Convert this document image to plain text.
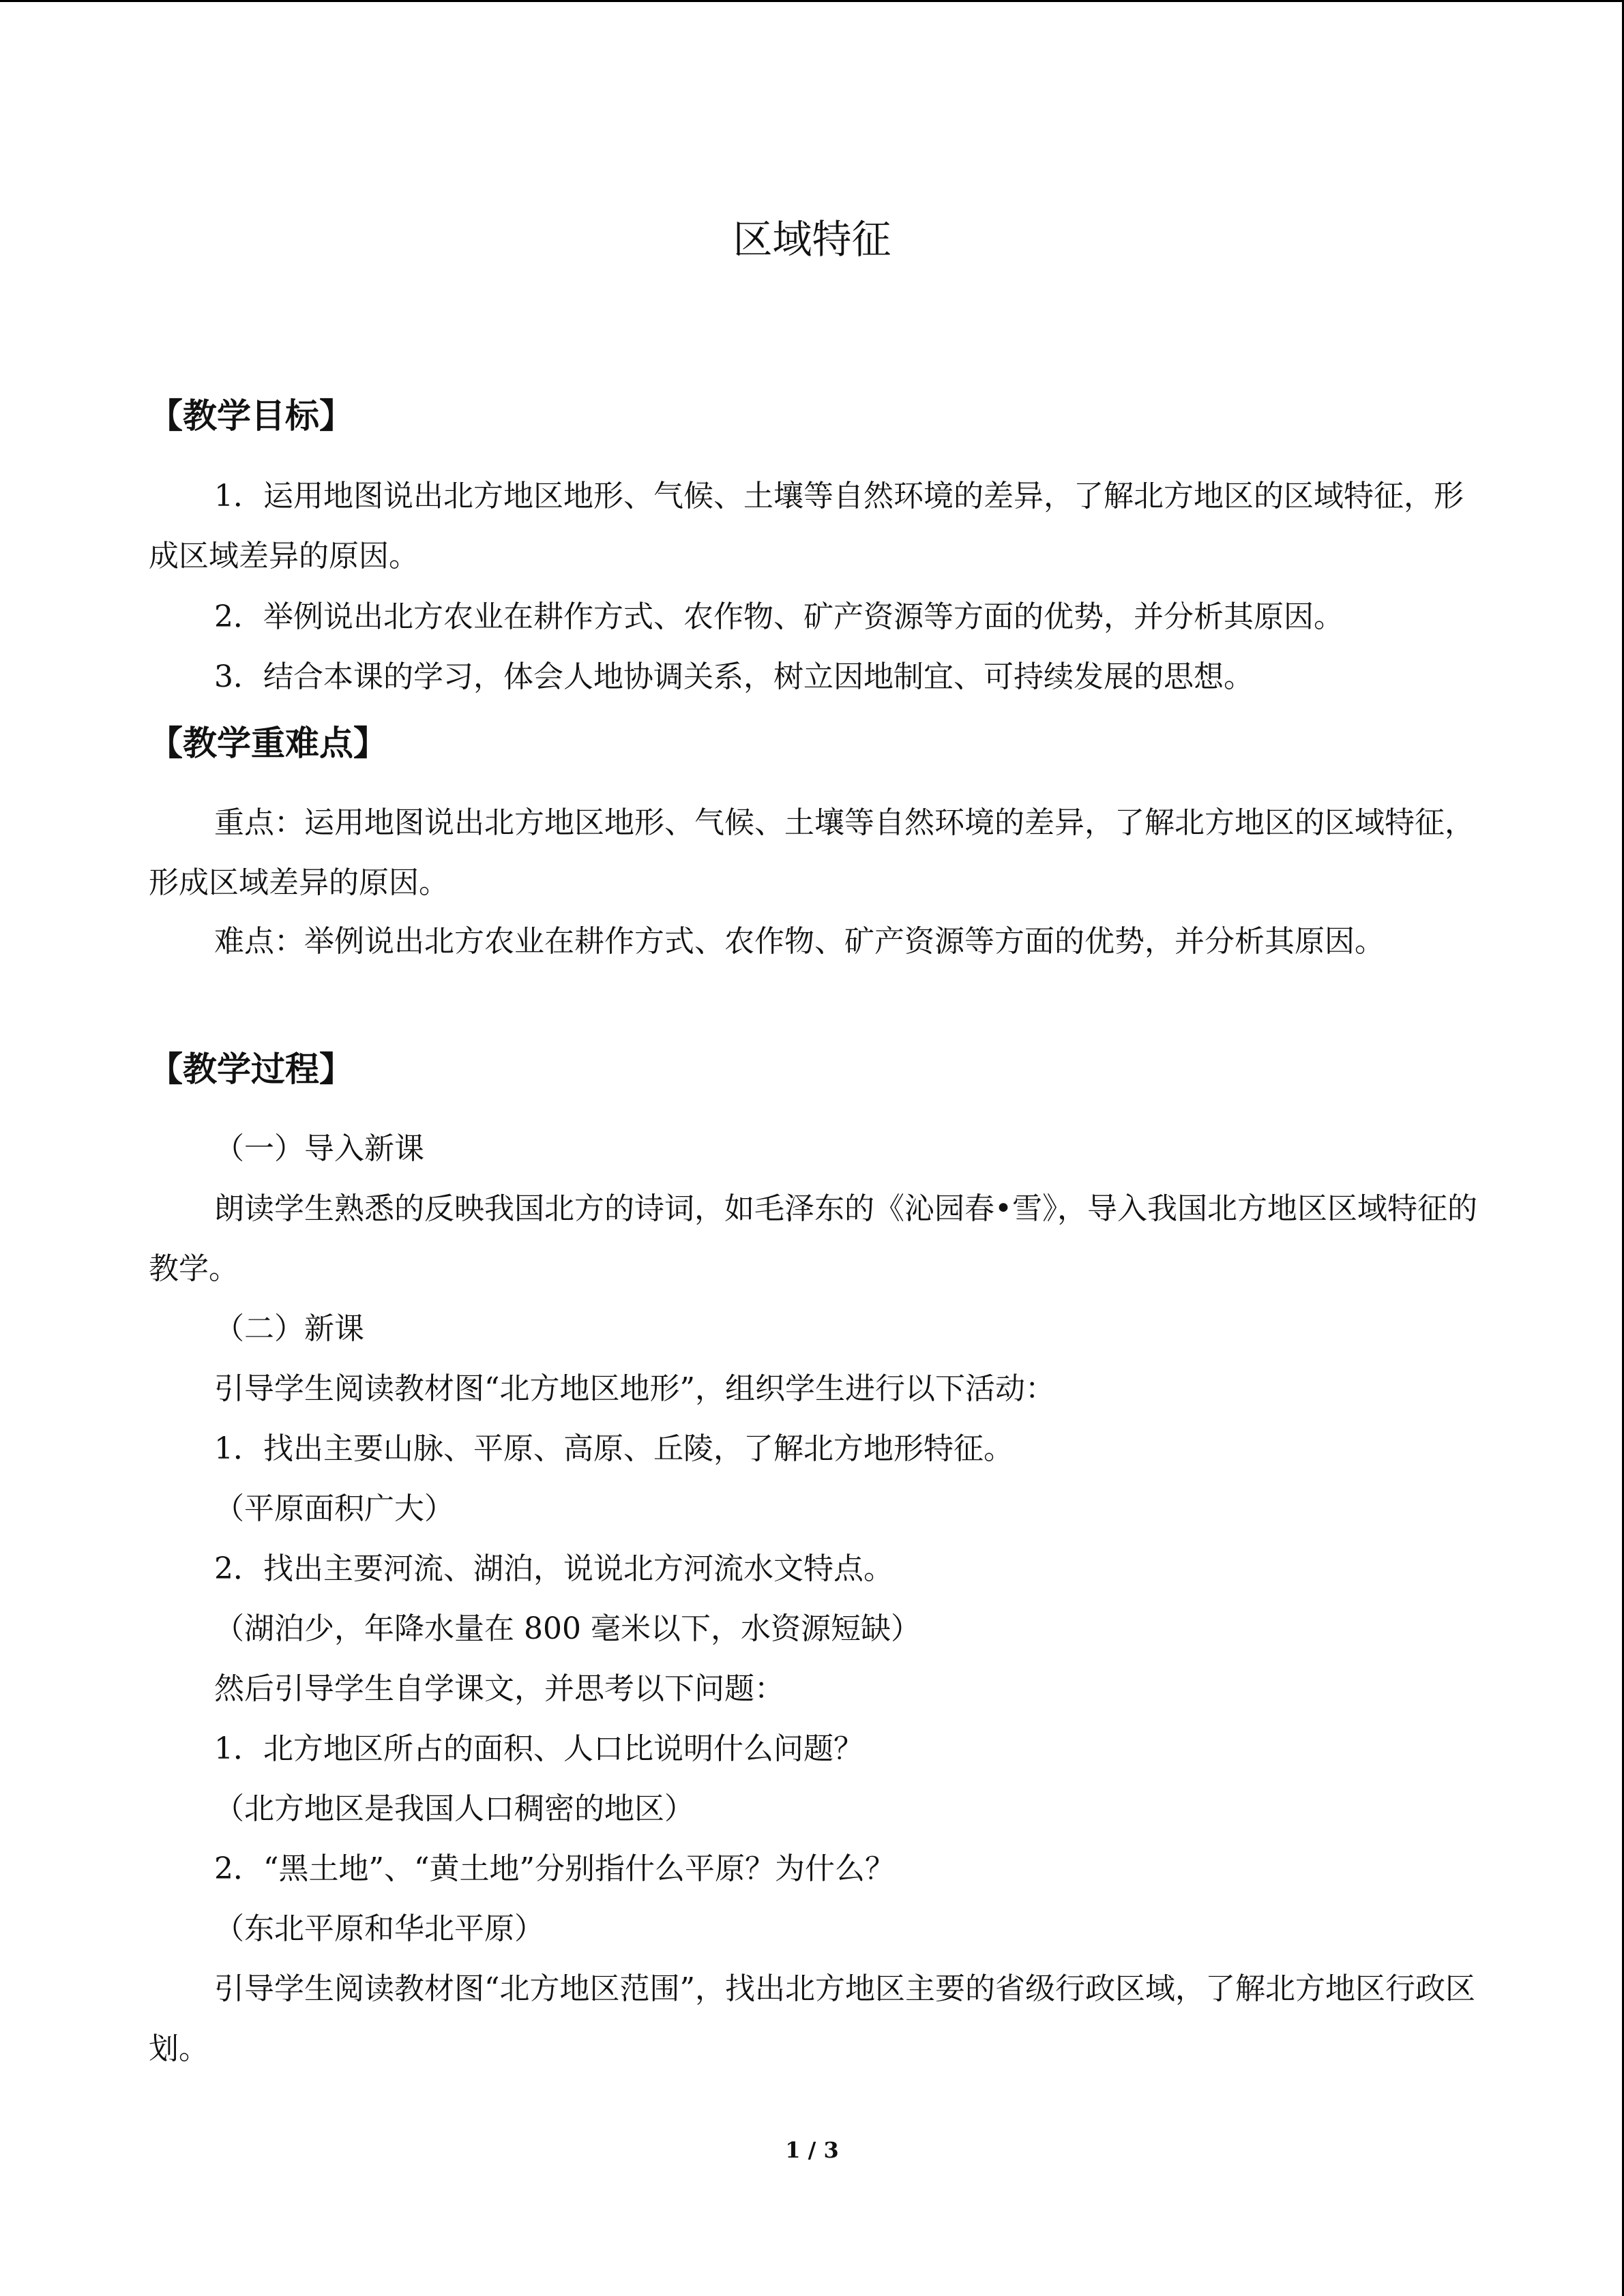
区域特征
【教学目标】

1．运用地图说出北方地区地形、气候、土壤等自然环境的差异，了解北方地区的区域特征，形成区域差异的原因。

2．举例说出北方农业在耕作方式、农作物、矿产资源等方面的优势，并分析其原因。

3．结合本课的学习，体会人地协调关系，树立因地制宜、可持续发展的思想。

【教学重难点】

重点：运用地图说出北方地区地形、气候、土壤等自然环境的差异，了解北方地区的区域特征，形成区域差异的原因。

难点：举例说出北方农业在耕作方式、农作物、矿产资源等方面的优势，并分析其原因。

【教学过程】

（一）导入新课

朗读学生熟悉的反映我国北方的诗词，如毛泽东的《沁园春•雪》，导入我国北方地区区域特征的教学。

（二）新课

引导学生阅读教材图“北方地区地形”，组织学生进行以下活动：

1．找出主要山脉、平原、高原、丘陵，了解北方地形特征。

（平原面积广大）

2．找出主要河流、湖泊，说说北方河流水文特点。

（湖泊少，年降水量在 800 毫米以下，水资源短缺）

然后引导学生自学课文，并思考以下问题：

1．北方地区所占的面积、人口比说明什么问题？

（北方地区是我国人口稠密的地区）

2．“黑土地”、“黄土地”分别指什么平原？为什么？

（东北平原和华北平原）

引导学生阅读教材图“北方地区范围”，找出北方地区主要的省级行政区域，了解北方地区行政区划。

1 / 3
